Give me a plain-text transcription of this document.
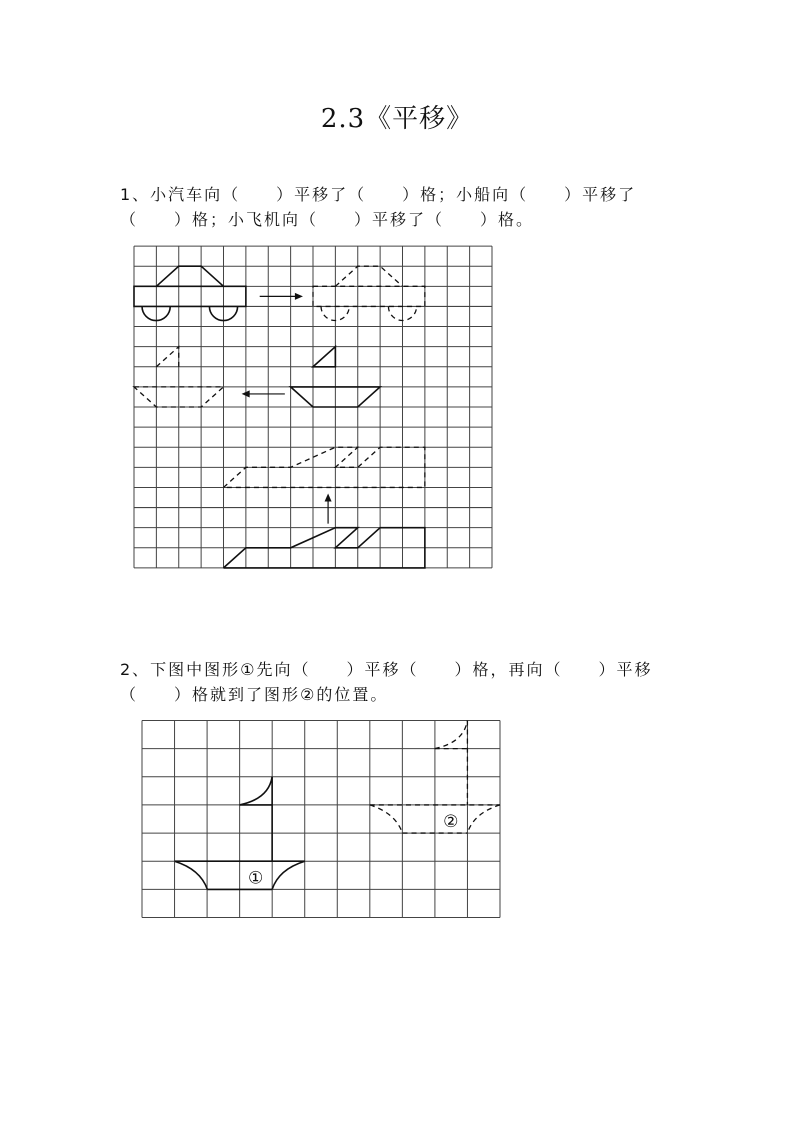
2.3《平移》
1、小汽车向（　　）平移了（　　）格；小船向（　　）平移了
（　　）格；小飞机向（　　）平移了（　　）格。
2、下图中图形①先向（　　）平移（　　）格，再向（　　）平移
（　　）格就到了图形②的位置。
①
②
